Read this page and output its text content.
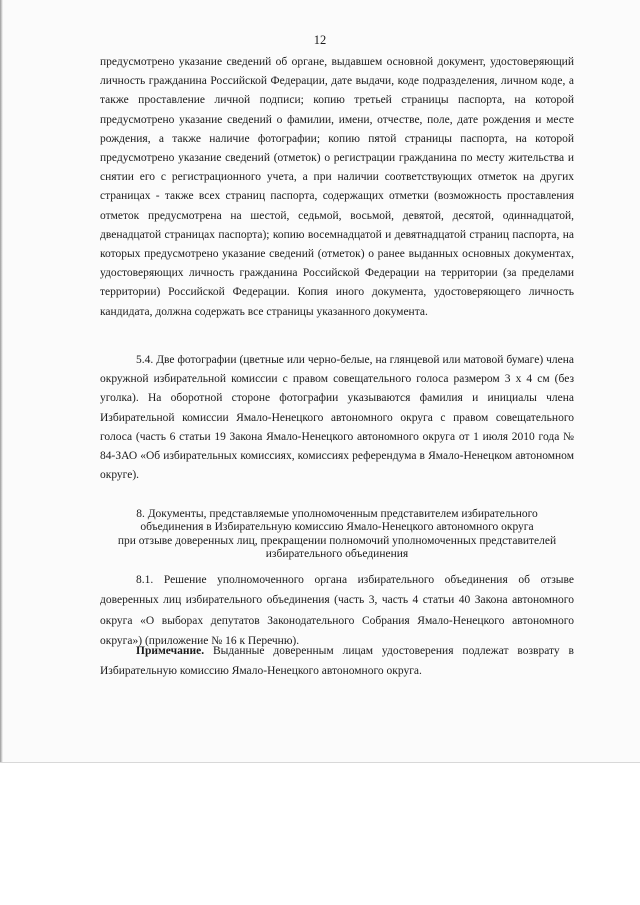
12

предусмотрено указание сведений об органе, выдавшем основной документ, удостоверяющий личность гражданина Российской Федерации, дате выдачи, коде подразделения, личном коде, а также проставление личной подписи; копию третьей страницы паспорта, на которой предусмотрено указание сведений о фамилии, имени, отчестве, поле, дате рождения и месте рождения, а также наличие фотографии; копию пятой страницы паспорта, на которой предусмотрено указание сведений (отметок) о регистрации гражданина по месту жительства и снятии его с регистрационного учета, а при наличии соответствующих отметок на других страницах - также всех страниц паспорта, содержащих отметки (возможность проставления отметок предусмотрена на шестой, седьмой, восьмой, девятой, десятой, одиннадцатой, двенадцатой страницах паспорта); копию восемнадцатой и девятнадцатой страниц паспорта, на которых предусмотрено указание сведений (отметок) о ранее выданных основных документах, удостоверяющих личность гражданина Российской Федерации на территории (за пределами территории) Российской Федерации. Копия иного документа, удостоверяющего личность кандидата, должна содержать все страницы указанного документа.

5.4. Две фотографии (цветные или черно-белые, на глянцевой или матовой бумаге) члена окружной избирательной комиссии с правом совещательного голоса размером 3 х 4 см (без уголка). На оборотной стороне фотографии указываются фамилия и инициалы члена Избирательной комиссии Ямало-Ненецкого автономного округа с правом совещательного голоса (часть 6 статьи 19 Закона Ямало-Ненецкого автономного округа от 1 июля 2010 года № 84-ЗАО «Об избирательных комиссиях, комиссиях референдума в Ямало-Ненецком автономном округе).

8. Документы, представляемые уполномоченным представителем избирательного
объединения в Избирательную комиссию Ямало-Ненецкого автономного округа
при отзыве доверенных лиц, прекращении полномочий уполномоченных представителей
избирательного объединения

8.1. Решение уполномоченного органа избирательного объединения об отзыве доверенных лиц избирательного объединения (часть 3, часть 4 статьи 40 Закона автономного округа «О выборах депутатов Законодательного Собрания Ямало-Ненецкого автономного округа») (приложение № 16 к Перечню).

Примечание. Выданные доверенным лицам удостоверения подлежат возврату в Избирательную комиссию Ямало-Ненецкого автономного округа.
